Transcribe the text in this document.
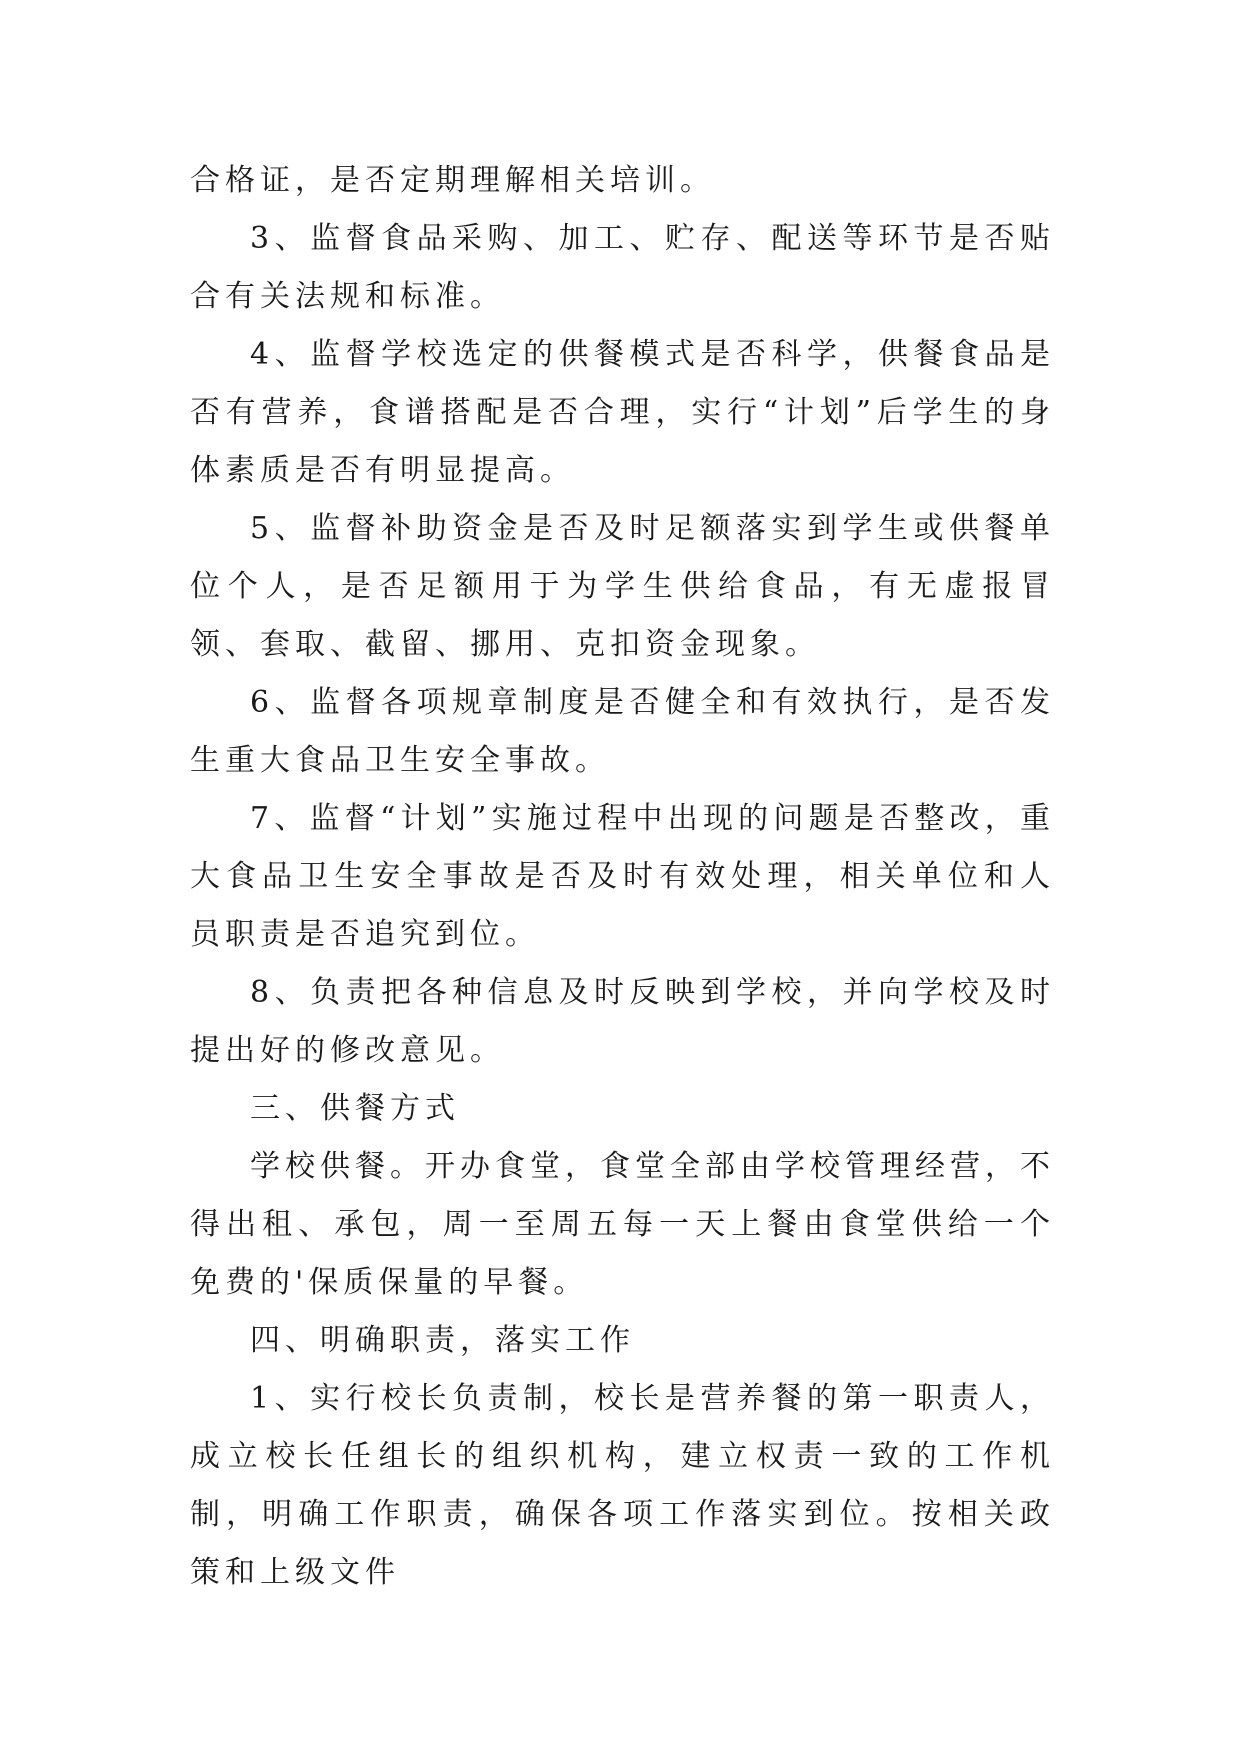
合格证，是否定期理解相关培训。

3、监督食品采购、加工、贮存、配送等环节是否贴合有关法规和标准。

4、监督学校选定的供餐模式是否科学，供餐食品是否有营养，食谱搭配是否合理，实行“计划”后学生的身体素质是否有明显提高。

5、监督补助资金是否及时足额落实到学生或供餐单位个人，是否足额用于为学生供给食品，有无虚报冒领、套取、截留、挪用、克扣资金现象。

6、监督各项规章制度是否健全和有效执行，是否发生重大食品卫生安全事故。

7、监督“计划”实施过程中出现的问题是否整改，重大食品卫生安全事故是否及时有效处理，相关单位和人员职责是否追究到位。

8、负责把各种信息及时反映到学校，并向学校及时提出好的修改意见。

三、供餐方式

学校供餐。开办食堂，食堂全部由学校管理经营，不得出租、承包，周一至周五每一天上餐由食堂供给一个免费的'保质保量的早餐。

四、明确职责，落实工作

1、实行校长负责制，校长是营养餐的第一职责人，成立校长任组长的组织机构，建立权责一致的工作机制，明确工作职责，确保各项工作落实到位。按相关政策和上级文件
